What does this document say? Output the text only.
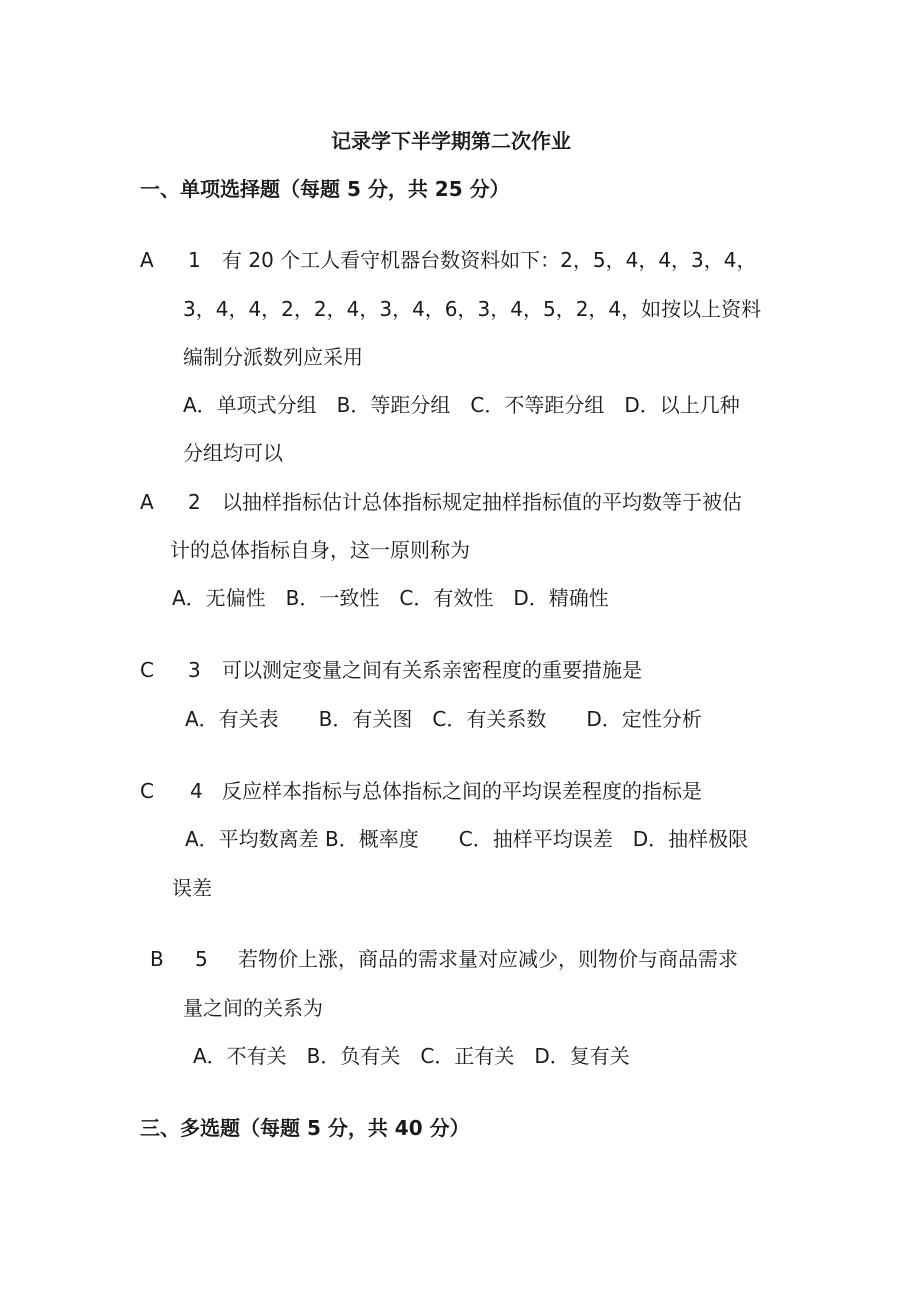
记录学下半学期第二次作业
一、单项选择题（每题 5 分，共 25 分）
A 1 有 20 个工人看守机器台数资料如下：2，5，4，4，3，4，
3，4，4，2，2，4，3，4，6，3，4，5，2，4，如按以上资料
编制分派数列应采用
A．单项式分组　B．等距分组　C．不等距分组　D．以上几种
分组均可以
A 2 以抽样指标估计总体指标规定抽样指标值的平均数等于被估
计的总体指标自身，这一原则称为
A．无偏性　B．一致性　C．有效性　D．精确性
C 3 可以测定变量之间有关系亲密程度的重要措施是
A．有关表　　B．有关图　C．有关系数　　D．定性分析
C 4 反应样本指标与总体指标之间的平均误差程度的指标是
A．平均数离差 B．概率度　　C．抽样平均误差　D．抽样极限
误差
B 5 若物价上涨，商品的需求量对应减少，则物价与商品需求
量之间的关系为
A．不有关　B．负有关　C．正有关　D．复有关
三、多选题（每题 5 分，共 40 分）
